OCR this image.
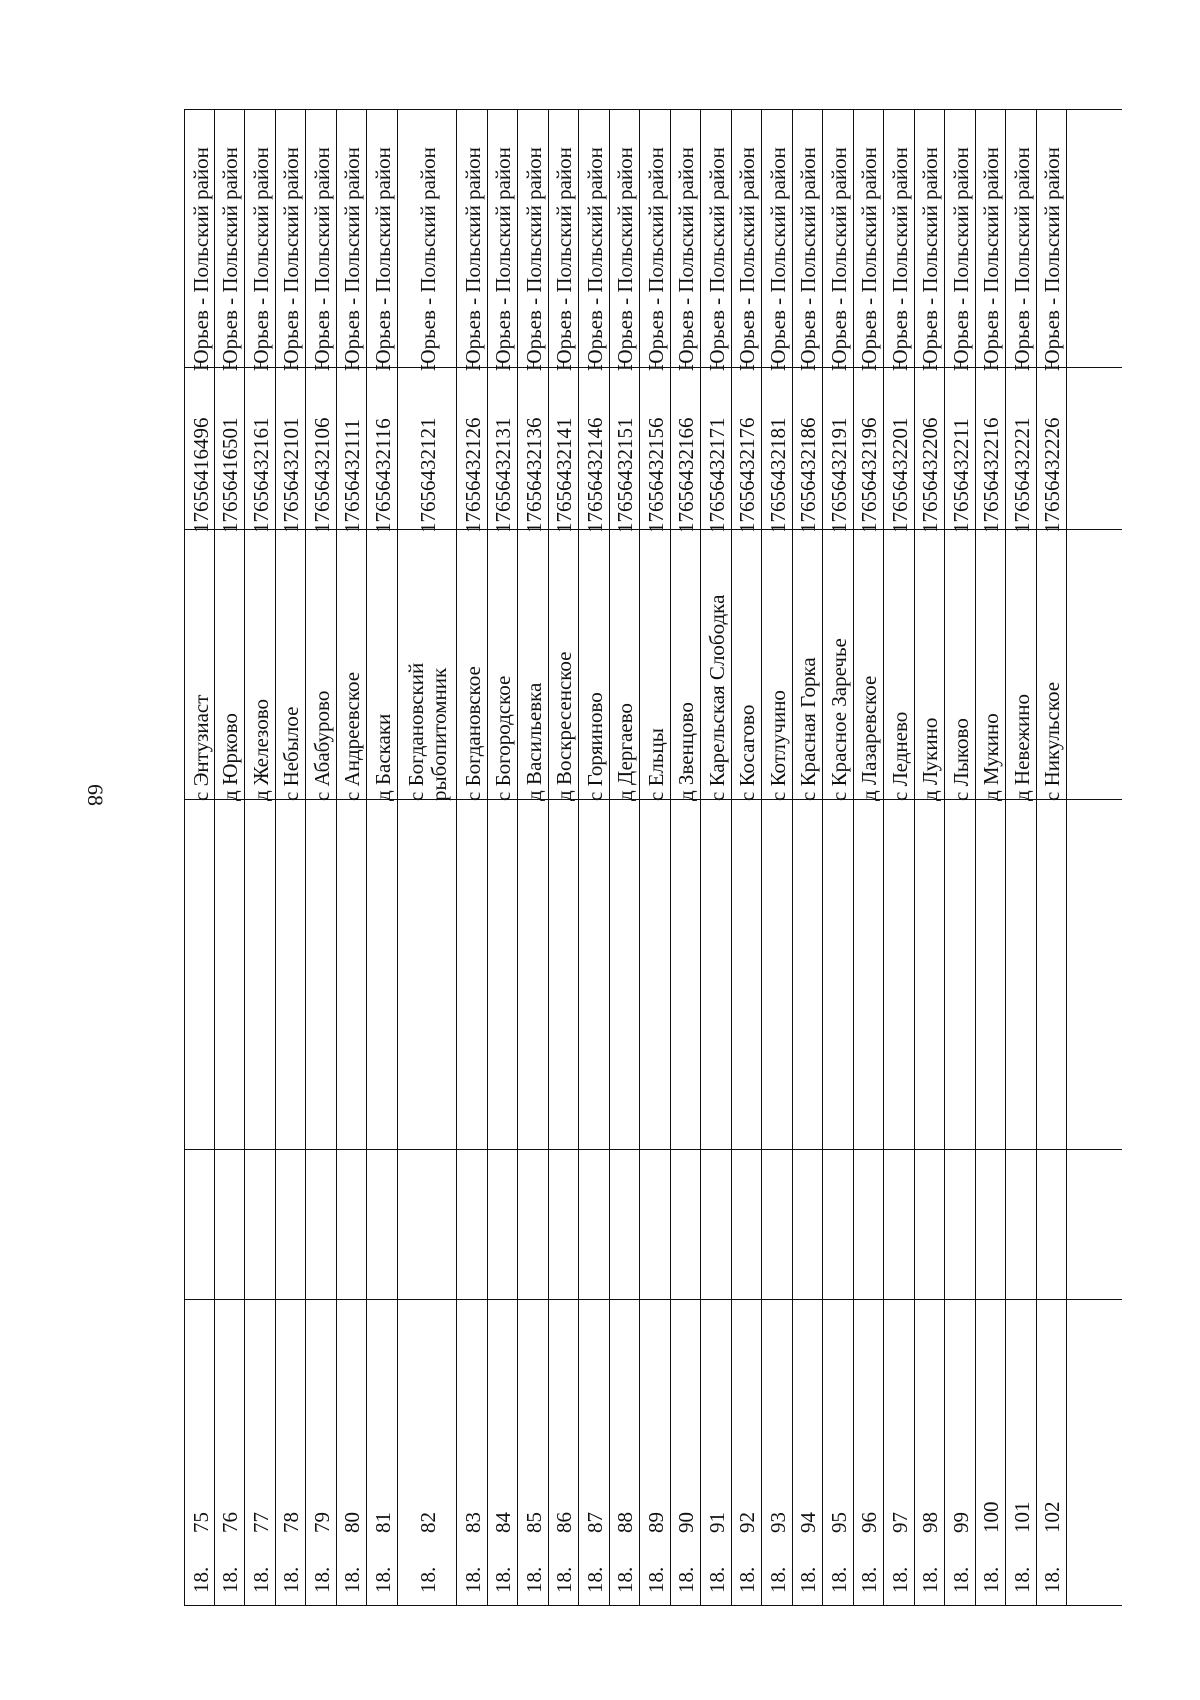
68
Юрьев - Польский район
17656416496
с Энтузиаст
75
18.
Юрьев - Польский район
17656416501
д Юрково
76
18.
Юрьев - Польский район
17656432161
д Железово
77
18.
Юрьев - Польский район
17656432101
с Небылое
78
18.
Юрьев - Польский район
17656432106
с Абабурово
79
18.
Юрьев - Польский район
17656432111
с Андреевское
80
18.
Юрьев - Польский район
17656432116
д Баскаки
81
18.
Юрьев - Польский район
17656432121
с Богдановский
рыбопитомник
82
18.
Юрьев - Польский район
17656432126
с Богдановское
83
18.
Юрьев - Польский район
17656432131
с Богородское
84
18.
Юрьев - Польский район
17656432136
д Васильевка
85
18.
Юрьев - Польский район
17656432141
д Воскресенское
86
18.
Юрьев - Польский район
17656432146
с Горяиново
87
18.
Юрьев - Польский район
17656432151
д Дергаево
88
18.
Юрьев - Польский район
17656432156
с Ельцы
89
18.
Юрьев - Польский район
17656432166
д Звенцово
90
18.
Юрьев - Польский район
17656432171
с Карельская Слободка
91
18.
Юрьев - Польский район
17656432176
с Косагово
92
18.
Юрьев - Польский район
17656432181
с Котлучино
93
18.
Юрьев - Польский район
17656432186
с Красная Горка
94
18.
Юрьев - Польский район
17656432191
с Красное Заречье
95
18.
Юрьев - Польский район
17656432196
д Лазаревское
96
18.
Юрьев - Польский район
17656432201
с Леднево
97
18.
Юрьев - Польский район
17656432206
д Лукино
98
18.
Юрьев - Польский район
17656432211
с Лыково
99
18.
Юрьев - Польский район
17656432216
д Мукино
100
18.
Юрьев - Польский район
17656432221
д Невежино
101
18.
Юрьев - Польский район
17656432226
с Никульское
102
18.
